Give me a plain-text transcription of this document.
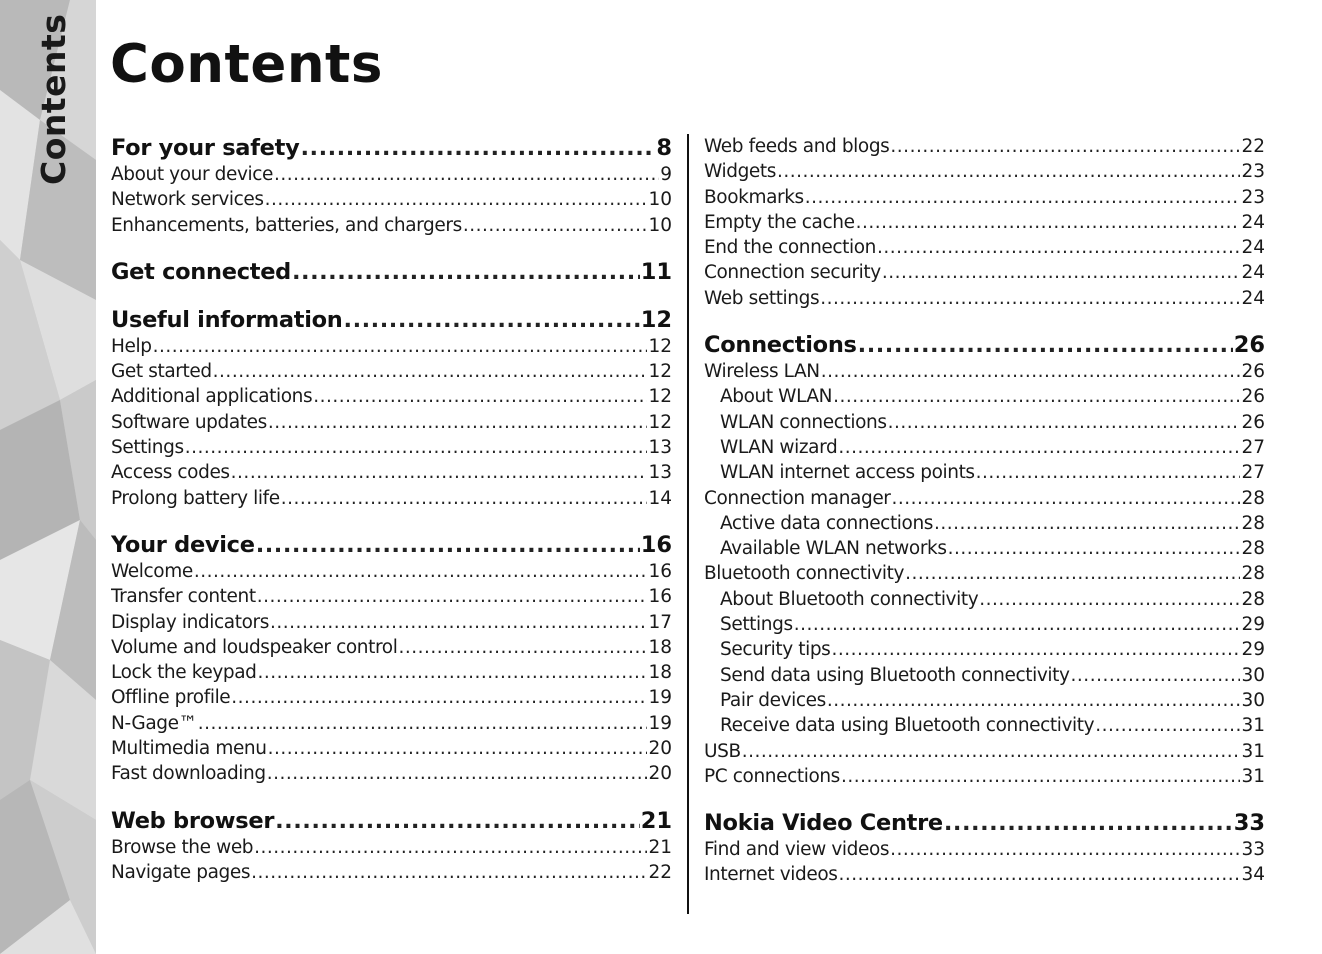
Contents Contents
For your safety .....	8
About your device .....	9
Network services .....	10
Enhancements, batteries, and chargers .....	10
Get connected .....	11
Useful information .....	12
Help .....	12
Get started .....	12
Additional applications .....	12
Software updates .....	12
Settings .....	13
Access codes .....	13
Prolong battery life .....	14
Your device .....	16
Welcome .....	16
Transfer content .....	16
Display indicators .....	17
Volume and loudspeaker control .....	18
Lock the keypad .....	18
Offline profile .....	19
N-Gage™ .....	19
Multimedia menu .....	20
Fast downloading .....	20
Web browser .....	21
Browse the web .....	21
Navigate pages .....	22
Web feeds and blogs .....	22
Widgets .....	23
Bookmarks .....	23
Empty the cache .....	24
End the connection .....	24
Connection security .....	24
Web settings .....	24
Connections .....	26
Wireless LAN .....	26
About WLAN .....	26
WLAN connections .....	26
WLAN wizard .....	27
WLAN internet access points .....	27
Connection manager .....	28
Active data connections .....	28
Available WLAN networks .....	28
Bluetooth connectivity .....	28
About Bluetooth connectivity .....	28
Settings .....	29
Security tips .....	29
Send data using Bluetooth connectivity .....	30
Pair devices .....	30
Receive data using Bluetooth connectivity .....	31
USB .....	31
PC connections .....	31
Nokia Video Centre .....	33
Find and view videos .....	33
Internet videos .....	34
